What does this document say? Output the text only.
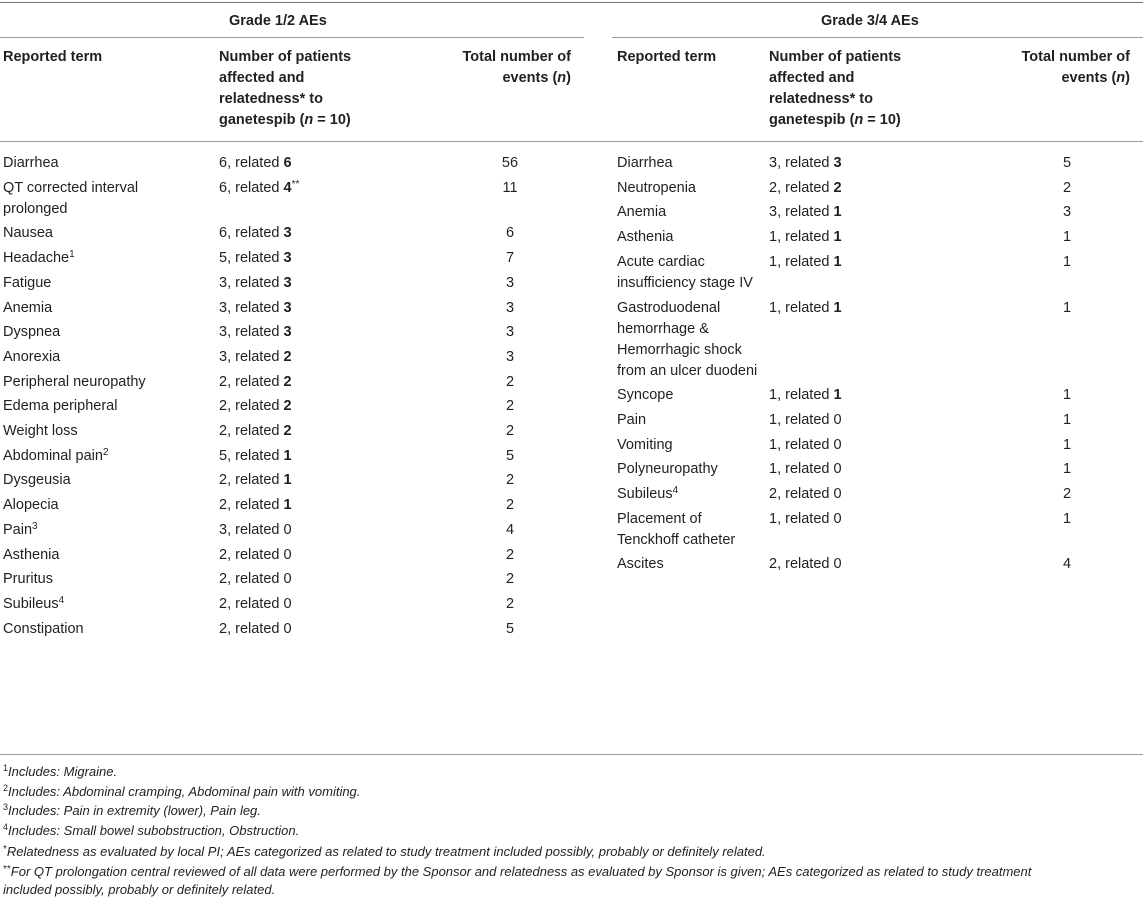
Grade 1/2 AEs	Grade 3/4 AEs
Reported term	Number of patients
affected and
relatedness* to
ganetespib (n = 10)
Total number of
events (n)
Reported term	Number of patients
affected and
relatedness* to
ganetespib (n = 10)
Total number of
events (n)
Diarrhea	6, related 6	56
QT corrected interval
prolonged
6, related 4**	11
Nausea	6, related 3	6
Headache$^1$	5, related 3	7
Fatigue	3, related 3	3
Anemia	3, related 3	3
Dyspnea	3, related 3	3
Anorexia	3, related 2	3
Peripheral neuropathy	2, related 2	2
Edema peripheral	2, related 2	2
Weight loss	2, related 2	2
Abdominal pain$^2$	5, related 1	5
Dysgeusia	2, related 1	2
Alopecia	2, related 1	2
Pain$^3$	3, related 0	4
Asthenia	2, related 0	2
Pruritus	2, related 0	2
Subileus$^4$	2, related 0	2
Constipation	2, related 0	5
Diarrhea	3, related 3	5
Neutropenia	2, related 2	2
Anemia	3, related 1	3
Asthenia	1, related 1	1
Acute cardiac
insufficiency stage IV
1, related 1	1
Gastroduodenal
hemorrhage &
Hemorrhagic shock
from an ulcer duodeni
1, related 1	1
Syncope	1, related 1	1
Pain	1, related 0	1
Vomiting	1, related 0	1
Polyneuropathy	1, related 0	1
Subileus$^4$	2, related 0	2
Placement of
Tenckhoff catheter
1, related 0	1
Ascites	2, related 0	4
$^1$Includes: Migraine.
$^2$Includes: Abdominal cramping, Abdominal pain with vomiting.
$^3$Includes: Pain in extremity (lower), Pain leg.
$^4$Includes: Small bowel subobstruction, Obstruction.
*Relatedness as evaluated by local PI; AEs categorized as related to study treatment included possibly, probably or definitely related.
**For QT prolongation central reviewed of all data were performed by the Sponsor and relatedness as evaluated by Sponsor is given; AEs categorized as related to study treatment
included possibly, probably or definitely related.
